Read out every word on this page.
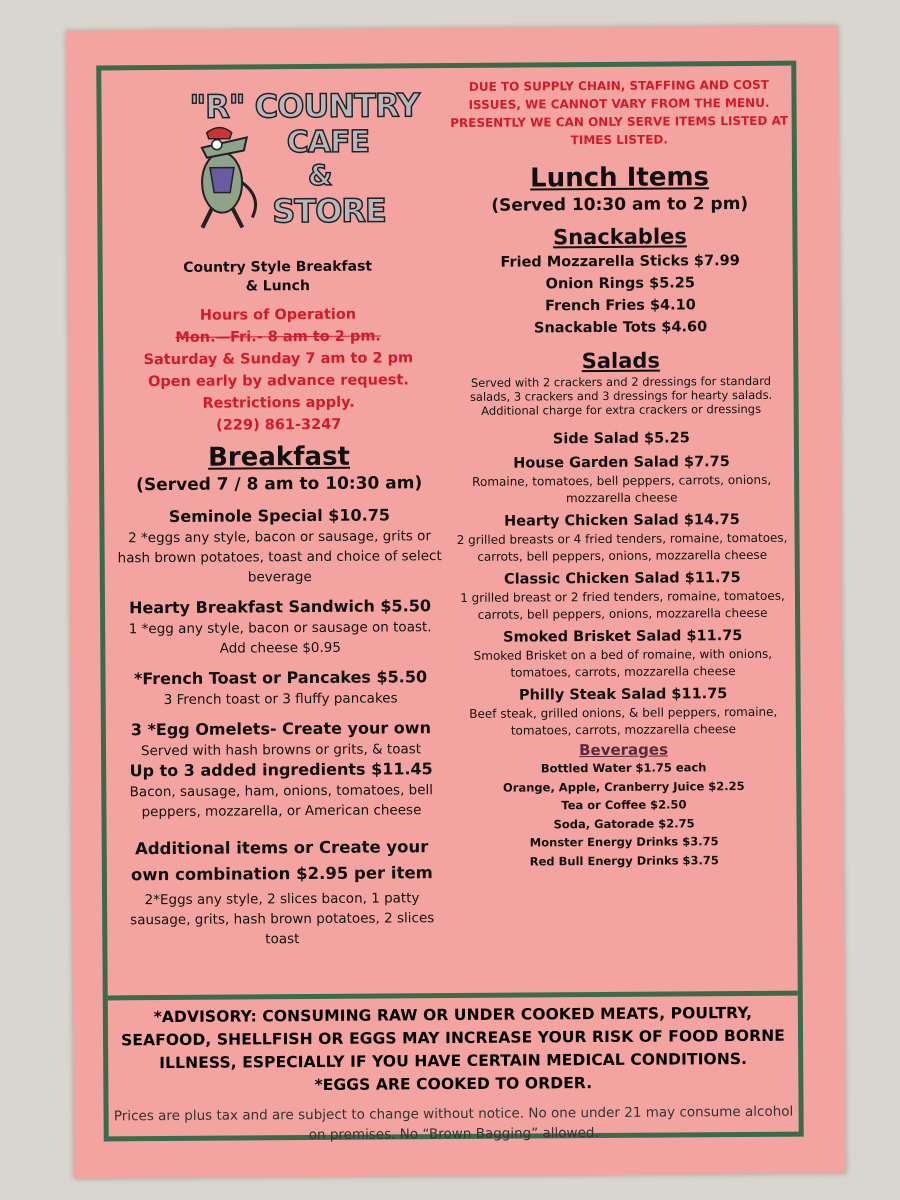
"R" COUNTRY
CAFE
&
STORE
Country Style Breakfast
& Lunch
Hours of Operation
Mon.—Fri.- 8 am to 2 pm.
Saturday & Sunday 7 am to 2 pm
Open early by advance request.
Restrictions apply.
(229) 861-3247
Breakfast
(Served 7 / 8 am to 10:30 am)
Seminole Special $10.75
2 *eggs any style, bacon or sausage, grits or hash brown potatoes, toast and choice of select beverage
Hearty Breakfast Sandwich $5.50
1 *egg any style, bacon or sausage on toast. Add cheese $0.95
*French Toast or Pancakes $5.50
3 French toast or 3 fluffy pancakes
3 *Egg Omelets- Create your own
Served with hash browns or grits, & toast
Up to 3 added ingredients $11.45
Bacon, sausage, ham, onions, tomatoes, bell peppers, mozzarella, or American cheese
Additional items or Create your own combination $2.95 per item
2*Eggs any style, 2 slices bacon, 1 patty sausage, grits, hash brown potatoes, 2 slices toast
DUE TO SUPPLY CHAIN, STAFFING AND COST ISSUES, WE CANNOT VARY FROM THE MENU. PRESENTLY WE CAN ONLY SERVE ITEMS LISTED AT TIMES LISTED.
Lunch Items
(Served 10:30 am to 2 pm)
Snackables
Fried Mozzarella Sticks $7.99
Onion Rings $5.25
French Fries $4.10
Snackable Tots $4.60
Salads
Served with 2 crackers and 2 dressings for standard salads, 3 crackers and 3 dressings for hearty salads. Additional charge for extra crackers or dressings
Side Salad $5.25
House Garden Salad $7.75
Romaine, tomatoes, bell peppers, carrots, onions, mozzarella cheese
Hearty Chicken Salad $14.75
2 grilled breasts or 4 fried tenders, romaine, tomatoes, carrots, bell peppers, onions, mozzarella cheese
Classic Chicken Salad $11.75
1 grilled breast or 2 fried tenders, romaine, tomatoes, carrots, bell peppers, onions, mozzarella cheese
Smoked Brisket Salad $11.75
Smoked Brisket on a bed of romaine, with onions, tomatoes, carrots, mozzarella cheese
Philly Steak Salad $11.75
Beef steak, grilled onions, & bell peppers, romaine, tomatoes, carrots, mozzarella cheese
Beverages
Bottled Water $1.75 each
Orange, Apple, Cranberry Juice $2.25
Tea or Coffee $2.50
Soda, Gatorade $2.75
Monster Energy Drinks $3.75
Red Bull Energy Drinks $3.75
*ADVISORY: CONSUMING RAW OR UNDER COOKED MEATS, POULTRY, SEAFOOD, SHELLFISH OR EGGS MAY INCREASE YOUR RISK OF FOOD BORNE ILLNESS, ESPECIALLY IF YOU HAVE CERTAIN MEDICAL CONDITIONS.
*EGGS ARE COOKED TO ORDER.
Prices are plus tax and are subject to change without notice. No one under 21 may consume alcohol on premises. No “Brown Bagging” allowed.
